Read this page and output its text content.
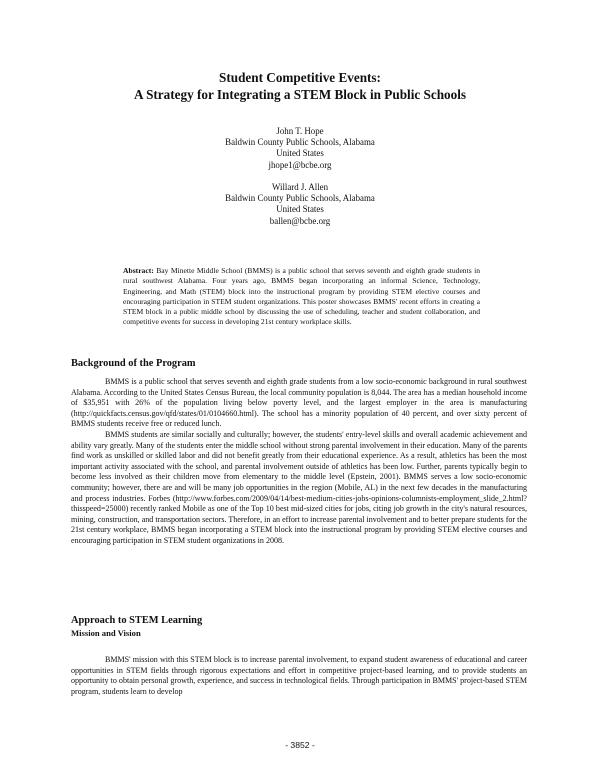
Student Competitive Events:
A Strategy for Integrating a STEM Block in Public Schools
John T. Hope
Baldwin County Public Schools, Alabama
United States
jhope1@bcbe.org
Willard J. Allen
Baldwin County Public Schools, Alabama
United States
ballen@bcbe.org
Abstract: Bay Minette Middle School (BMMS) is a public school that serves seventh and eighth grade students in rural southwest Alabama. Four years ago, BMMS began incorporating an informal Science, Technology, Engineering, and Math (STEM) block into the instructional program by providing STEM elective courses and encouraging participation in STEM student organizations. This poster showcases BMMS' recent efforts in creating a STEM block in a public middle school by discussing the use of scheduling, teacher and student collaboration, and competitive events for success in developing 21st century workplace skills.
Background of the Program

BMMS is a public school that serves seventh and eighth grade students from a low socio-economic background in rural southwest Alabama. According to the United States Census Bureau, the local community population is 8,044. The area has a median household income of $35,951 with 26% of the population living below poverty level, and the largest employer in the area is manufacturing (http://quickfacts.census.gov/qfd/states/01/0104660.html). The school has a minority population of 40 percent, and over sixty percent of BMMS students receive free or reduced lunch.

BMMS students are similar socially and culturally; however, the students' entry-level skills and overall academic achievement and ability vary greatly. Many of the students enter the middle school without strong parental involvement in their education. Many of the parents find work as unskilled or skilled labor and did not benefit greatly from their educational experience. As a result, athletics has been the most important activity associated with the school, and parental involvement outside of athletics has been low. Further, parents typically begin to become less involved as their children move from elementary to the middle level (Epstein, 2001). BMMS serves a low socio-economic community; however, there are and will be many job opportunities in the region (Mobile, AL) in the next few decades in the manufacturing and process industries. Forbes (http://www.forbes.com/2009/04/14/best-medium-cities-jobs-opinions-columnists-employment_slide_2.html?thisspeed=25000) recently ranked Mobile as one of the Top 10 best mid-sized cities for jobs, citing job growth in the city's natural resources, mining, construction, and transportation sectors. Therefore, in an effort to increase parental involvement and to better prepare students for the 21st century workplace, BMMS began incorporating a STEM block into the instructional program by providing STEM elective courses and encouraging participation in STEM student organizations in 2008.

Approach to STEM Learning
Mission and Vision

BMMS' mission with this STEM block is to increase parental involvement, to expand student awareness of educational and career opportunities in STEM fields through rigorous expectations and effort in competitive project-based learning, and to provide students an opportunity to obtain personal growth, experience, and success in technological fields. Through participation in BMMS' project-based STEM program, students learn to develop

- 3852 -
